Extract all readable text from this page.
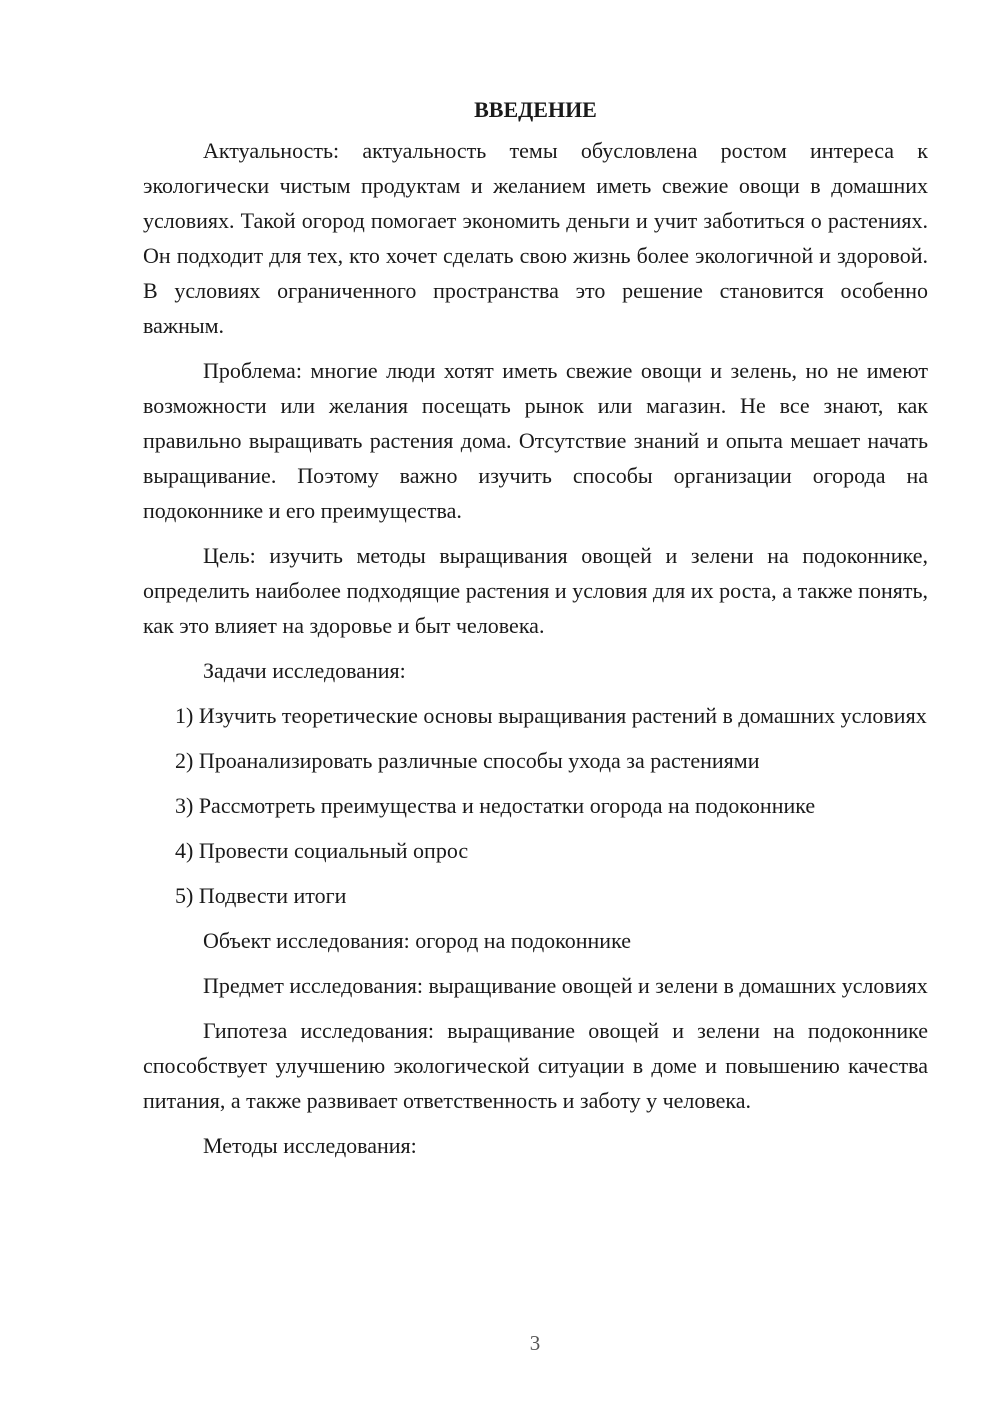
ВВЕДЕНИЕ

Актуальность: актуальность темы обусловлена ростом интереса к экологически чистым продуктам и желанием иметь свежие овощи в домашних условиях. Такой огород помогает экономить деньги и учит заботиться о растениях. Он подходит для тех, кто хочет сделать свою жизнь более экологичной и здоровой. В условиях ограниченного пространства это решение становится особенно важным.

Проблема: многие люди хотят иметь свежие овощи и зелень, но не имеют возможности или желания посещать рынок или магазин. Не все знают, как правильно выращивать растения дома. Отсутствие знаний и опыта мешает начать выращивание. Поэтому важно изучить способы организации огорода на подоконнике и его преимущества.

Цель: изучить методы выращивания овощей и зелени на подоконнике, определить наиболее подходящие растения и условия для их роста, а также понять, как это влияет на здоровье и быт человека.

Задачи исследования:

1) Изучить теоретические основы выращивания растений в домашних условиях

2) Проанализировать различные способы ухода за растениями

3) Рассмотреть преимущества и недостатки огорода на подоконнике

4) Провести социальный опрос

5) Подвести итоги

Объект исследования: огород на подоконнике

Предмет исследования: выращивание овощей и зелени в домашних условиях

Гипотеза исследования: выращивание овощей и зелени на подоконнике способствует улучшению экологической ситуации в доме и повышению качества питания, а также развивает ответственность и заботу у человека.

Методы исследования:

3
